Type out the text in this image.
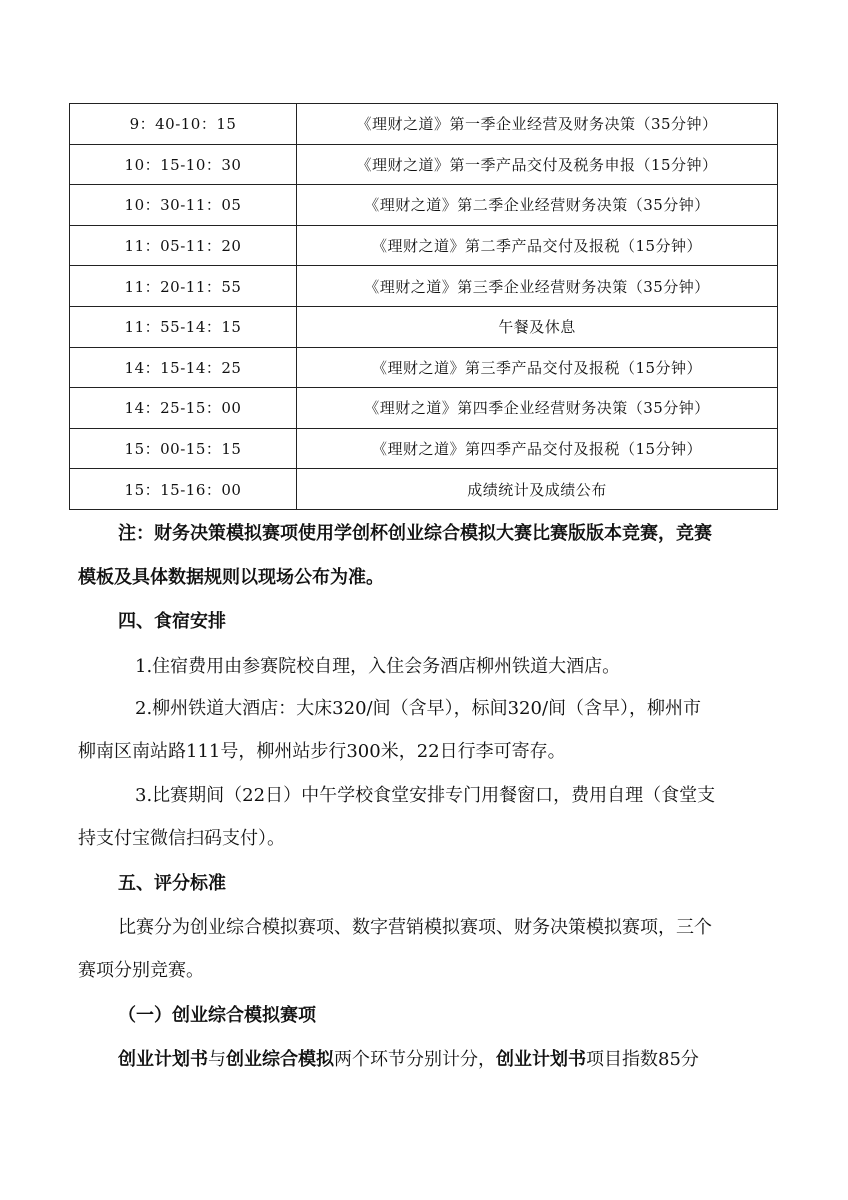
9：40-10：15	《理财之道》第一季企业经营及财务决策（35分钟）
10：15-10：30	《理财之道》第一季产品交付及税务申报（15分钟）
10：30-11：05	《理财之道》第二季企业经营财务决策（35分钟）
11：05-11：20	《理财之道》第二季产品交付及报税（15分钟）
11：20-11：55	《理财之道》第三季企业经营财务决策（35分钟）
11：55-14：15	午餐及休息
14：15-14：25	《理财之道》第三季产品交付及报税（15分钟）
14：25-15：00	《理财之道》第四季企业经营财务决策（35分钟）
15：00-15：15	《理财之道》第四季产品交付及报税（15分钟）
15：15-16：00	成绩统计及成绩公布
注：财务决策模拟赛项使用学创杯创业综合模拟大赛比赛版版本竞赛，竞赛
模板及具体数据规则以现场公布为准。
四、食宿安排
1.住宿费用由参赛院校自理，入住会务酒店柳州铁道大酒店。
2.柳州铁道大酒店：大床320/间（含早），标间320/间（含早），柳州市
柳南区南站路111号，柳州站步行300米，22日行李可寄存。
3.比赛期间（22日）中午学校食堂安排专门用餐窗口，费用自理（食堂支
持支付宝微信扫码支付）。
五、评分标准
比赛分为创业综合模拟赛项、数字营销模拟赛项、财务决策模拟赛项，三个
赛项分别竞赛。
（一）创业综合模拟赛项
创业计划书与创业综合模拟两个环节分别计分，创业计划书项目指数85分
